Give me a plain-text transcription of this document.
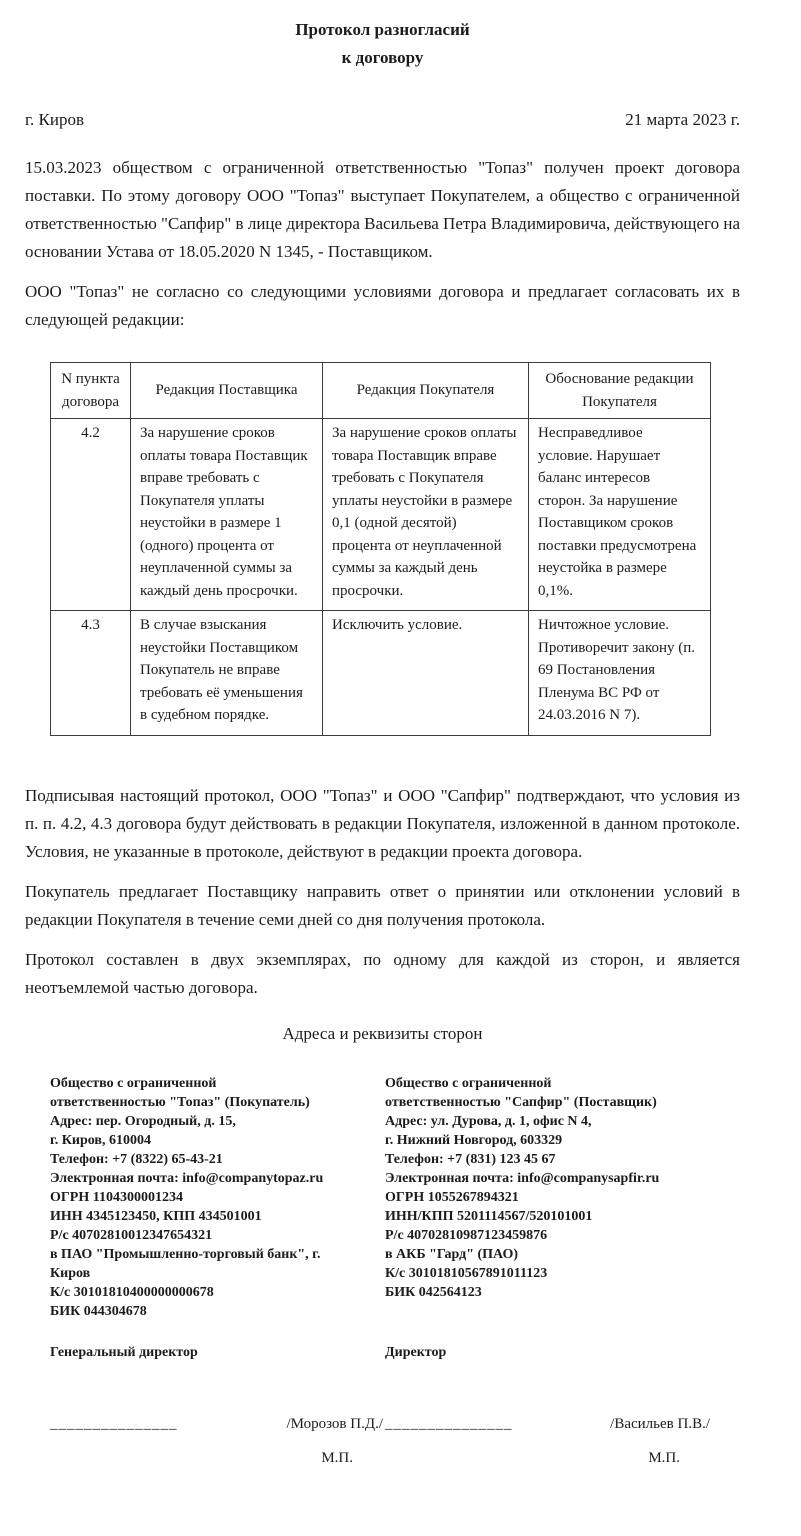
Протокол разногласий
к договору
г. Киров	21 марта 2023 г.

15.03.2023 обществом с ограниченной ответственностью "Топаз" получен проект договора поставки. По этому договору ООО "Топаз" выступает Покупателем, а общество с ограниченной ответственностью "Сапфир" в лице директора Васильева Петра Владимировича, действующего на основании Устава от 18.05.2020 N 1345, - Поставщиком.

ООО "Топаз" не согласно со следующими условиями договора и предлагает согласовать их в следующей редакции:

N пункта договора	Редакция Поставщика	Редакция Покупателя	Обоснование редакции Покупателя
4.2	За нарушение сроков оплаты товара Поставщик вправе требовать с Покупателя уплаты неустойки в размере 1 (одного) процента от неуплаченной суммы за каждый день просрочки.	За нарушение сроков оплаты товара Поставщик вправе требовать с Покупателя уплаты неустойки в размере 0,1 (одной десятой) процента от неуплаченной суммы за каждый день просрочки.	Несправедливое условие. Нарушает баланс интересов сторон. За нарушение Поставщиком сроков поставки предусмотрена неустойка в размере 0,1%.
4.3	В случае взыскания неустойки Поставщиком Покупатель не вправе требовать её уменьшения в судебном порядке.	Исключить условие.	Ничтожное условие. Противоречит закону (п. 69 Постановления Пленума ВС РФ от 24.03.2016 N 7).

Подписывая настоящий протокол, ООО "Топаз" и ООО "Сапфир" подтверждают, что условия из п. п. 4.2, 4.3 договора будут действовать в редакции Покупателя, изложенной в данном протоколе. Условия, не указанные в протоколе, действуют в редакции проекта договора.

Покупатель предлагает Поставщику направить ответ о принятии или отклонении условий в редакции Покупателя в течение семи дней со дня получения протокола.

Протокол составлен в двух экземплярах, по одному для каждой из сторон, и является неотъемлемой частью договора.

Адреса и реквизиты сторон
Общество с ограниченной
ответственностью "Топаз" (Покупатель)
Адрес: пер. Огородный, д. 15,
г. Киров, 610004
Телефон: +7 (8322) 65-43-21
Электронная почта: info@companytopaz.ru
ОГРН 1104300001234
ИНН 4345123450, КПП 434501001
Р/с 40702810012347654321
в ПАО "Промышленно-торговый банк", г.
Киров
К/с 30101810400000000678
БИК 044304678
Общество с ограниченной
ответственностью "Сапфир" (Поставщик)
Адрес: ул. Дурова, д. 1, офис N 4,
г. Нижний Новгород, 603329
Телефон: +7 (831) 123 45 67
Электронная почта: info@companysapfir.ru
ОГРН 1055267894321
ИНН/КПП 5201114567/520101001
Р/с 40702810987123459876
в АКБ "Гард" (ПАО)
К/с 30101810567891011123
БИК 042564123
Генеральный директор	Директор
_______________	/Морозов П.Д./
М.П.
_______________	/Васильев П.В./
М.П.
